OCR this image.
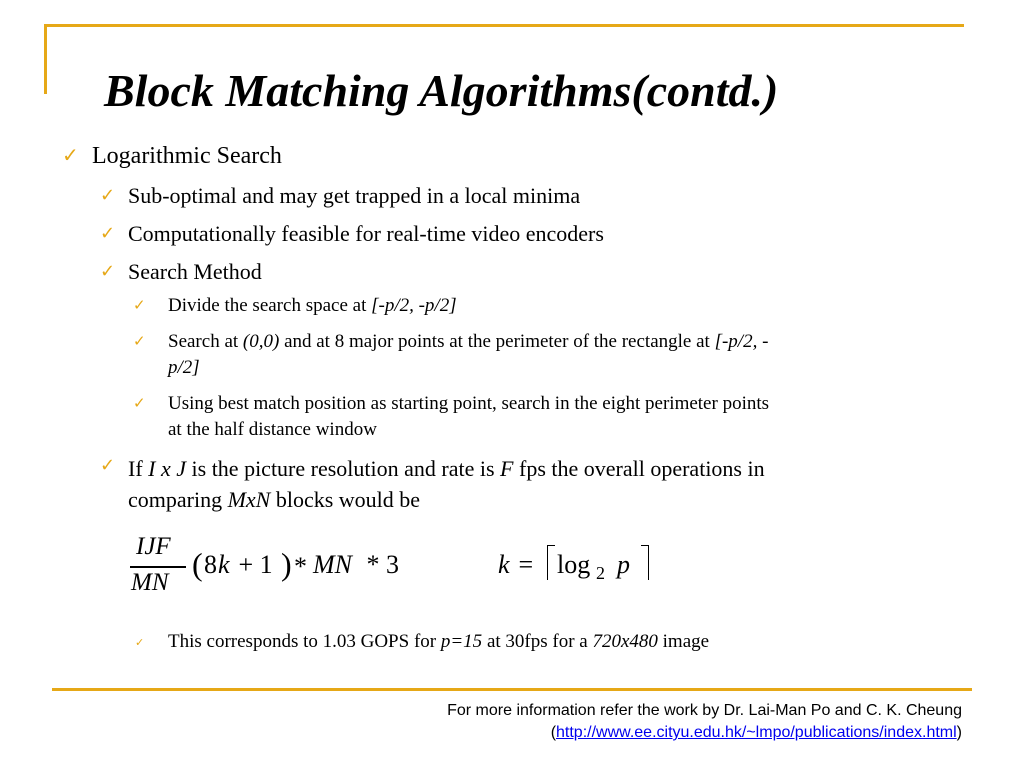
Block Matching Algorithms(contd.)
✓ Logarithmic Search
✓ Sub-optimal and may get trapped in a local minima
✓ Computationally feasible for real-time video encoders
✓ Search Method
✓ Divide the search space at [-p/2, -p/2]
✓ Search at (0,0) and at 8 major points at the perimeter of the rectangle at [-p/2, -
p/2]
✓ Using best match position as starting point, search in the eight perimeter points
at the half distance window
✓ If I x J is the picture resolution and rate is F fps the overall operations in
comparing MxN blocks would be
IJF
MN
( 8 k + 1 ) * MN * 3	k = log 2 p
✓ This corresponds to 1.03 GOPS for p=15 at 30fps for a 720x480 image
For more information refer the work by Dr. Lai-Man Po and C. K. Cheung
(http://www.ee.cityu.edu.hk/~lmpo/publications/index.html)
